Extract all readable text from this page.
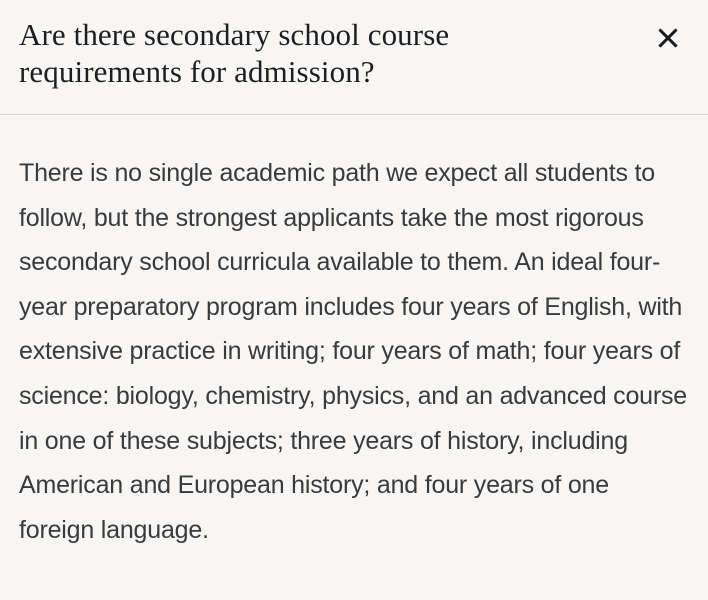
Are there secondary school course requirements for admission?

There is no single academic path we expect all students to follow, but the strongest applicants take the most rigorous secondary school curricula available to them. An ideal four-year preparatory program includes four years of English, with extensive practice in writing; four years of math; four years of science: biology, chemistry, physics, and an advanced course in one of these subjects; three years of history, including American and European history; and four years of one foreign language.
